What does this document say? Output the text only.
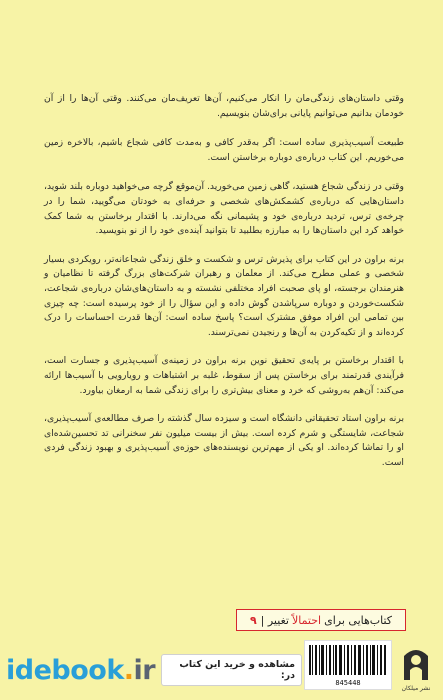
وقتی داستان‌های زندگی‌مان را انکار می‌کنیم، آن‌ها تعریف‌مان می‌کنند. وقتی آن‌ها را از آن خودمان بدانیم می‌توانیم پایانی برای‌شان بنویسیم.

طبیعت آسیب‌پذیری ساده است: اگر به‌قدر کافی و به‌مدت کافی شجاع باشیم، بالاخره زمین می‌خوریم. این کتاب درباره‌ی دوباره برخاستن است.

وقتی در زندگی شجاع هستید، گاهی زمین می‌خورید. آن‌موقع گرچه می‌خواهید دوباره بلند شوید، داستان‌هایی که درباره‌ی کشمکش‌های شخصی و حرفه‌ای به خودتان می‌گویید، شما را در چرخه‌ی ترس، تردید درباره‌ی خود و پشیمانی نگه می‌دارند. با اقتدار برخاستن به شما کمک خواهد کرد این داستان‌ها را به مبارزه بطلبید تا بتوانید آینده‌ی خود را از نو بنویسید.

برنه براون در این کتاب برای پذیرش ترس و شکست و خلق زندگی شجاعانه‌تر، رویکردی بسیار شخصی و عملی مطرح می‌کند. از معلمان و رهبران شرکت‌های بزرگ گرفته تا نظامیان و هنرمندان برجسته، او پای صحبت افراد مختلفی نشسته و به داستان‌های‌شان درباره‌ی شجاعت، شکست‌خوردن و دوباره سرپاشدن گوش داده و این سؤال را از خود پرسیده است: چه چیزی بین تمامی این افراد موفق مشترک است؟ پاسخ ساده است: آن‌ها قدرت احساسات را درک کرده‌اند و از تکیه‌کردن به آن‌ها و رنجیدن نمی‌ترسند.

با اقتدار برخاستن بر پایه‌ی تحقیق نوین برنه براون در زمینه‌ی آسیب‌پذیری و جسارت است، فرآیندی قدرتمند برای برخاستن پس از سقوط، غلبه بر اشتباهات و رویارویی با آسیب‌ها ارائه می‌کند: آن‌هم به‌روشی که خرد و معنای بیش‌تری را برای زندگی شما به ارمغان بیاورد.

برنه براون استاد تحقیقاتی دانشگاه است و سیزده سال گذشته را صرف مطالعه‌ی آسیب‌پذیری، شجاعت، شایستگی و شرم کرده است. بیش از بیست میلیون نفر سخنرانی تد تحسین‌شده‌ای او را تماشا کرده‌اند. او یکی از مهم‌ترین نویسنده‌های حوزه‌ی آسیب‌پذیری و بهبود زندگی فردی است.

کتاب‌هایی برای
احتمالاً
تغییر |
۹
845448
نشر میلکان
idebook.ir	مشاهده و خرید این کتاب در:
